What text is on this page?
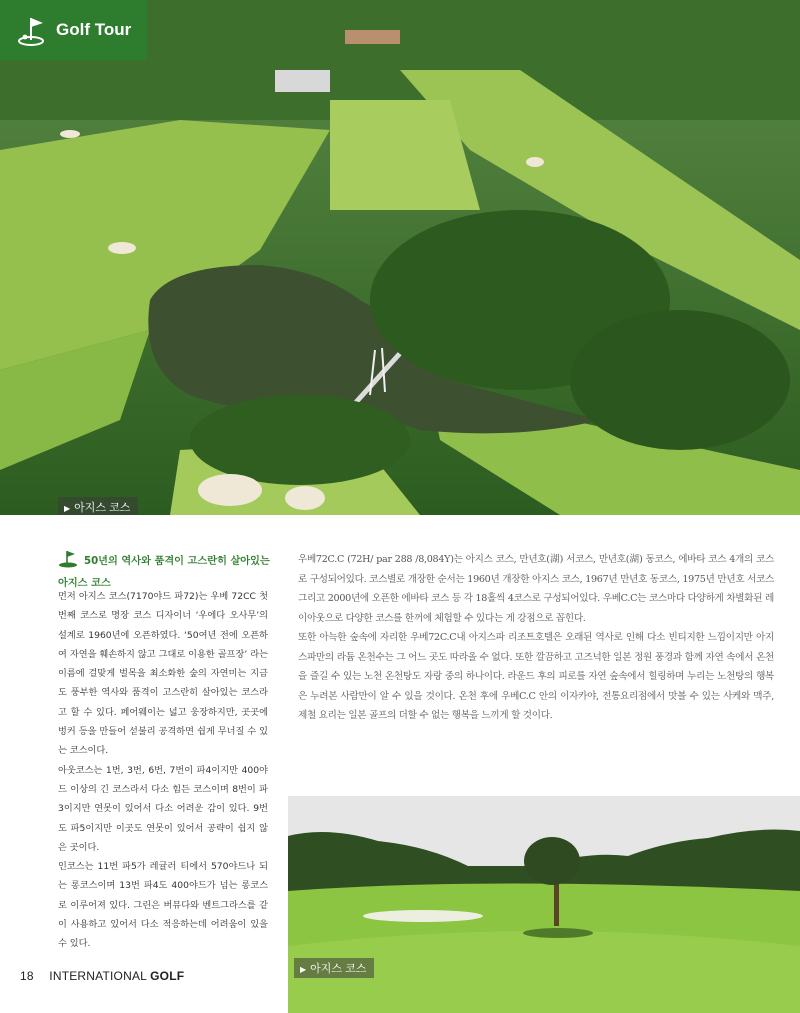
Golf Tour
▶ 아지스 코스
50년의 역사와 품격이 고스란히 살아있는 아지스 코스

먼저 아지스 코스(7170야드 파72)는 우베 72CC 첫 번째 코스로 명장 코스 디자이너 ‘우에다 오사무’의 설계로 1960년에 오픈하였다. ‘50여년 전에 오픈하여 자연을 훼손하지 않고 그대로 이용한 골프장’ 라는 이름에 걸맞게 벌목을 최소화한 숲의 자연미는 지금도 풍부한 역사와 품격이 고스란히 살아있는 코스라고 할 수 있다. 페어웨이는 넓고 웅장하지만, 곳곳에 벙커 등을 만들어 섣불리 공격하면 쉽게 무너질 수 있는 코스이다.

아웃코스는 1번, 3번, 6번, 7번이 파4이지만 400야드 이상의 긴 코스라서 다소 힘든 코스이며 8번이 파3이지만 연못이 있어서 다소 어려운 감이 있다. 9번도 파5이지만 이곳도 연못이 있어서 공략이 쉽지 않은 곳이다.

인코스는 11번 파5가 레귤러 티에서 570야드나 되는 롱코스이며 13번 파4도 400야드가 넘는 롱코스로 이루어져 있다. 그린은 버뮤다와 벤트그라스를 같이 사용하고 있어서 다소 적응하는데 어려움이 있을 수 있다.

우베72C.C (72H/ par 288 /8,084Y)는 아지스 코스, 만년호(湖) 서코스, 만년호(湖) 동코스, 에바타 코스 4개의 코스로 구성되어있다. 코스별로 개장한 순서는 1960년 개장한 아지스 코스, 1967년 만년호 동코스, 1975년 만년호 서코스 그리고 2000년에 오픈한 에바타 코스 등 각 18홀씩 4코스로 구성되어있다. 우베C.C는 코스마다 다양하게 차별화된 레이아웃으로 다양한 코스를 한꺼에 체험할 수 있다는 게 강점으로 꼽힌다.

또한 아늑한 숲속에 자리한 우베72C.C내 아지스파 리조트호텔은 오래된 역사로 인해 다소 빈티지한 느낌이지만 아지 스파만의 라듐 온천수는 그 어느 곳도 따라올 수 없다. 또한 깔끔하고 고즈넉한 일본 정원 풍경과 함께 자연 속에서 온천을 즐길 수 있는 노천 온천탕도 자랑 중의 하나이다. 라운드 후의 피로를 자연 숲속에서 힐링하며 누리는 노천탕의 행복은 누려본 사람만이 알 수 있을 것이다. 온천 후에 우베C.C 안의 이자카야, 전통요리점에서 맛볼 수 있는 사케와 맥주, 제철 요리는 일본 골프의 더할 수 없는 행복을 느끼게 할 것이다.

▶ 아지스 코스
18 INTERNATIONAL GOLF
